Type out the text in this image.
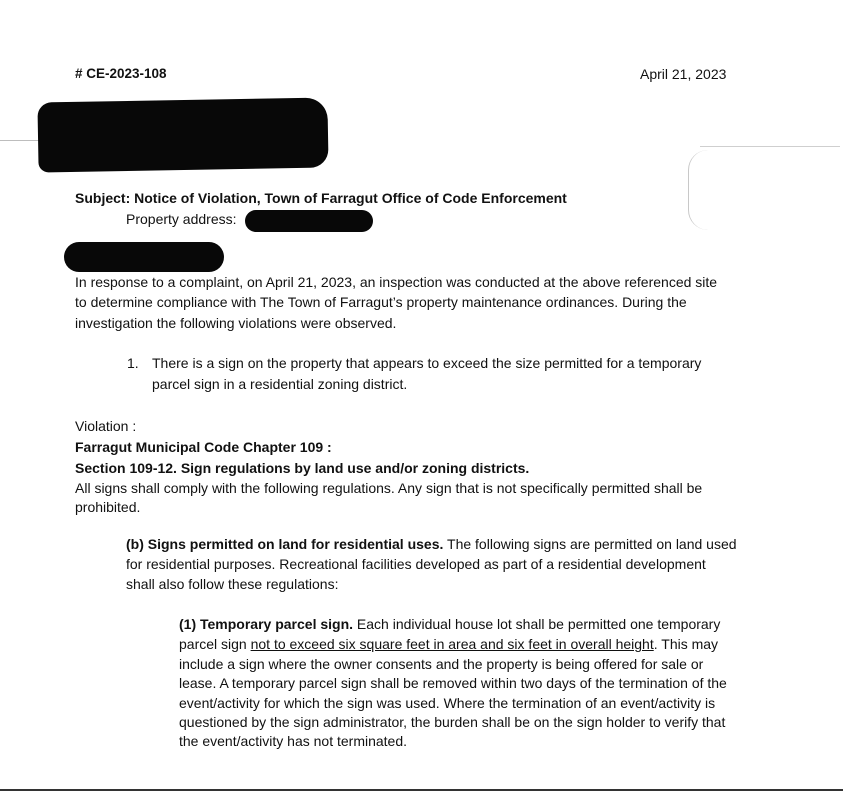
# CE-2023-108	April 21, 2023
Subject: Notice of Violation, Town of Farragut Office of Code Enforcement
Property address:
In response to a complaint, on April 21, 2023, an inspection was conducted at the above referenced site
to determine compliance with The Town of Farragut’s property maintenance ordinances. During the
investigation the following violations were observed.
1. There is a sign on the property that appears to exceed the size permitted for a temporary
parcel sign in a residential zoning district.
Violation :
Farragut Municipal Code Chapter 109 :
Section 109-12. Sign regulations by land use and/or zoning districts.
All signs shall comply with the following regulations. Any sign that is not specifically permitted shall be
prohibited.
(b) Signs permitted on land for residential uses. The following signs are permitted on land used
for residential purposes. Recreational facilities developed as part of a residential development
shall also follow these regulations:
(1) Temporary parcel sign. Each individual house lot shall be permitted one temporary
parcel sign not to exceed six square feet in area and six feet in overall height. This may
include a sign where the owner consents and the property is being offered for sale or
lease. A temporary parcel sign shall be removed within two days of the termination of the
event/activity for which the sign was used. Where the termination of an event/activity is
questioned by the sign administrator, the burden shall be on the sign holder to verify that
the event/activity has not terminated.
